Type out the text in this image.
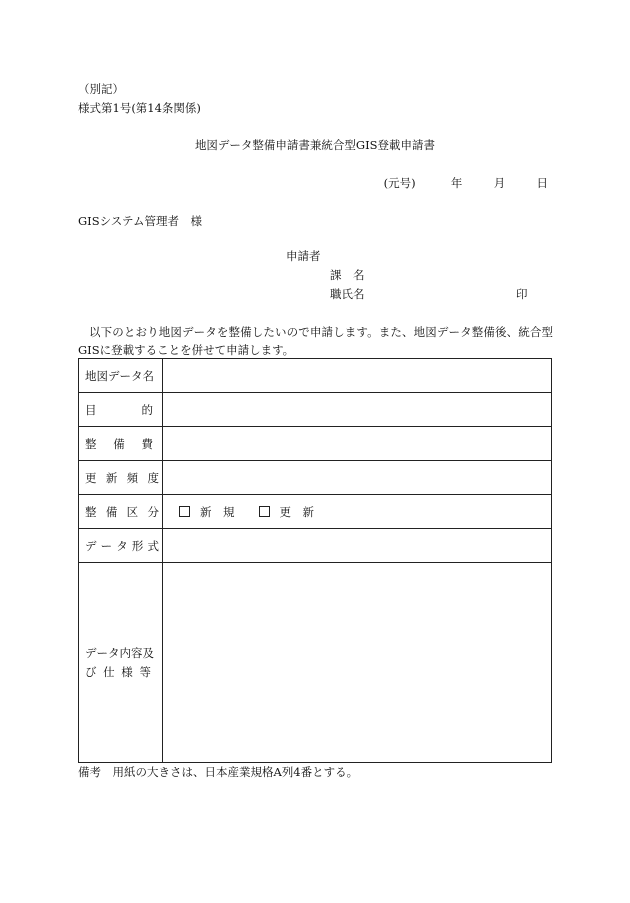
（別記）
様式第1号(第14条関係)
地図データ整備申請書兼統合型GIS登載申請書
(元号)	年	月	日
GISシステム管理者　様
申請者
課　名
職氏名	印
以下のとおり地図データを整備したいので申請します。また、地図データ整備後、統合型GISに登載することを併せて申請します。
地図データ名	

目 的	

整 備 費	

更 新 頻 度	

整 備 区 分	新　規 更　新

デ ー タ 形 式	

データ内容及
び 仕 様 等	

備考　用紙の大きさは、日本産業規格A列4番とする。
